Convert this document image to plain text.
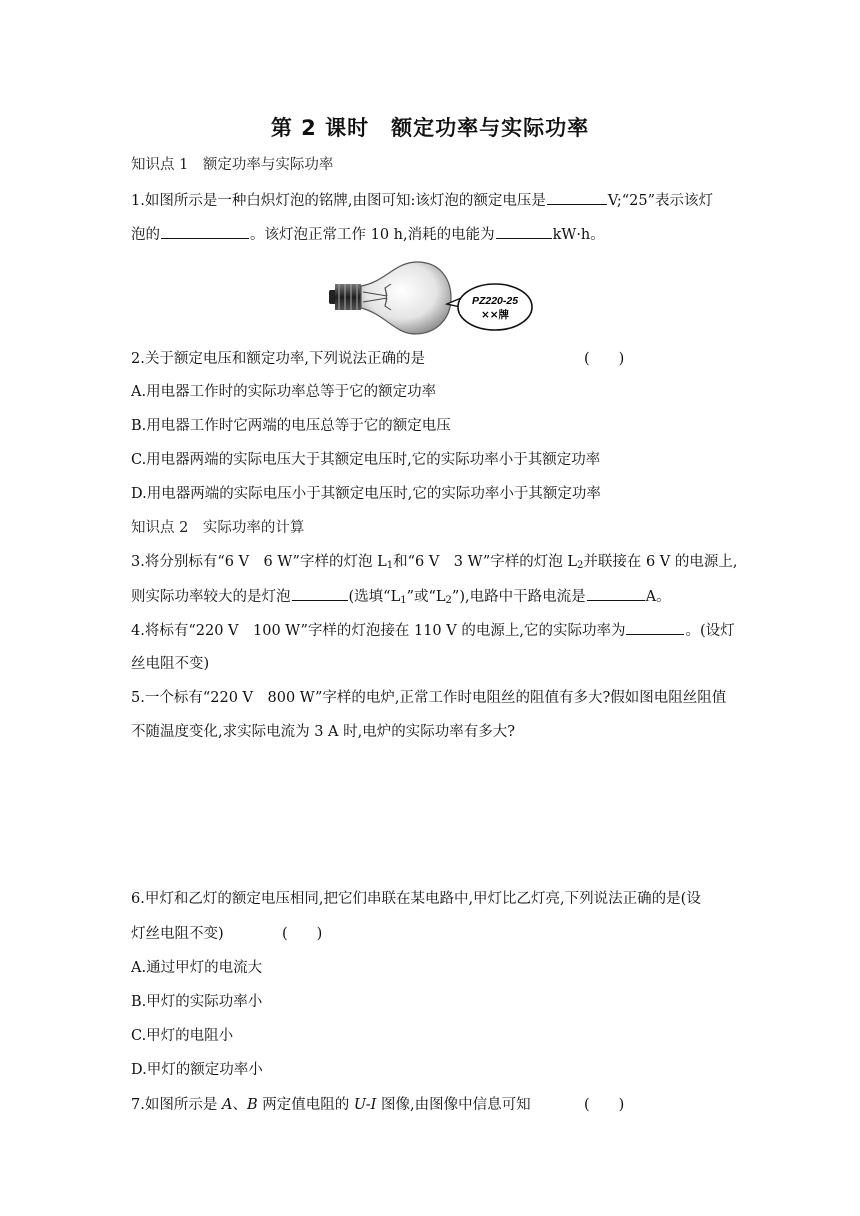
第 2 课时　额定功率与实际功率
知识点 1　额定功率与实际功率
1.如图所示是一种白炽灯泡的铭牌,由图可知:该灯泡的额定电压是	V;“25”表示该灯
泡的	。该灯泡正常工作 10 h,消耗的电能为	kW·h。
PZ220-25
××牌
2.关于额定电压和额定功率,下列说法正确的是	(　　)
A.用电器工作时的实际功率总等于它的额定功率
B.用电器工作时它两端的电压总等于它的额定电压
C.用电器两端的实际电压大于其额定电压时,它的实际功率小于其额定功率
D.用电器两端的实际电压小于其额定电压时,它的实际功率小于其额定功率
知识点 2　实际功率的计算
3.将分别标有“6 V　6 W”字样的灯泡 $L_1$和“6 V　3 W”字样的灯泡 $L_2$并联接在 6 V 的电源上,
则实际功率较大的是灯泡	(选填“$L_1$”或“$L_2$”),电路中干路电流是	A。
4.将标有“220 V　100 W”字样的灯泡接在 110 V 的电源上,它的实际功率为	。(设灯
丝电阻不变)
5.一个标有“220 V　800 W”字样的电炉,正常工作时电阻丝的阻值有多大?假如图电阻丝阻值
不随温度变化,求实际电流为 3 A 时,电炉的实际功率有多大?
6.甲灯和乙灯的额定电压相同,把它们串联在某电路中,甲灯比乙灯亮,下列说法正确的是(设
灯丝电阻不变)	(　　)
A.通过甲灯的电流大
B.甲灯的实际功率小
C.甲灯的电阻小
D.甲灯的额定功率小
7.如图所示是 A、B 两定值电阻的 U-I 图像,由图像中信息可知	(　　)
